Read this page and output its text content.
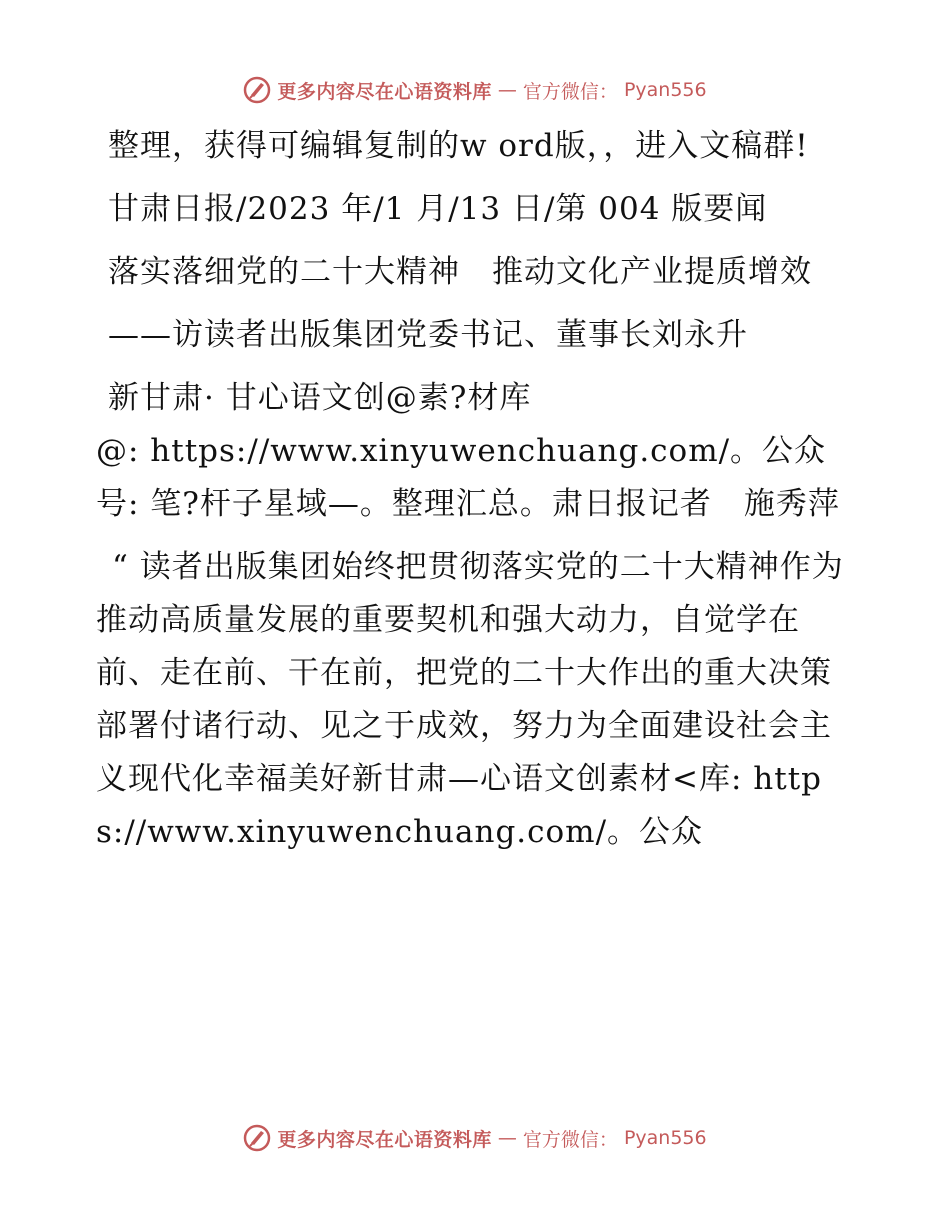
更多内容尽在心语资料库 — 官方微信： Pyan556

整理，获得可编辑复制的w ord版，，进入文稿群!

甘肃日报/2023 年/1 月/13 日/第 004 版要闻

落实落细党的二十大精神　推动文化产业提质增效

——访读者出版集团党委书记、董事长刘永升

新甘肃· 甘心语文创@素?材库

@: https://www.xinyuwenchuang.com/。公众号: 笔?杆子星域—。整理汇总。肃日报记者　施秀萍

“ 读者出版集团始终把贯彻落实党的二十大精神作为推动高质量发展的重要契机和强大动力，自觉学在前、走在前、干在前，把党的二十大作出的重大决策部署付诸行动、见之于成效，努力为全面建设社会主义现代化幸福美好新甘肃—心语文创素材<库: https://www.xinyuwenchuang.com/。公众

更多内容尽在心语资料库 — 官方微信： Pyan556
